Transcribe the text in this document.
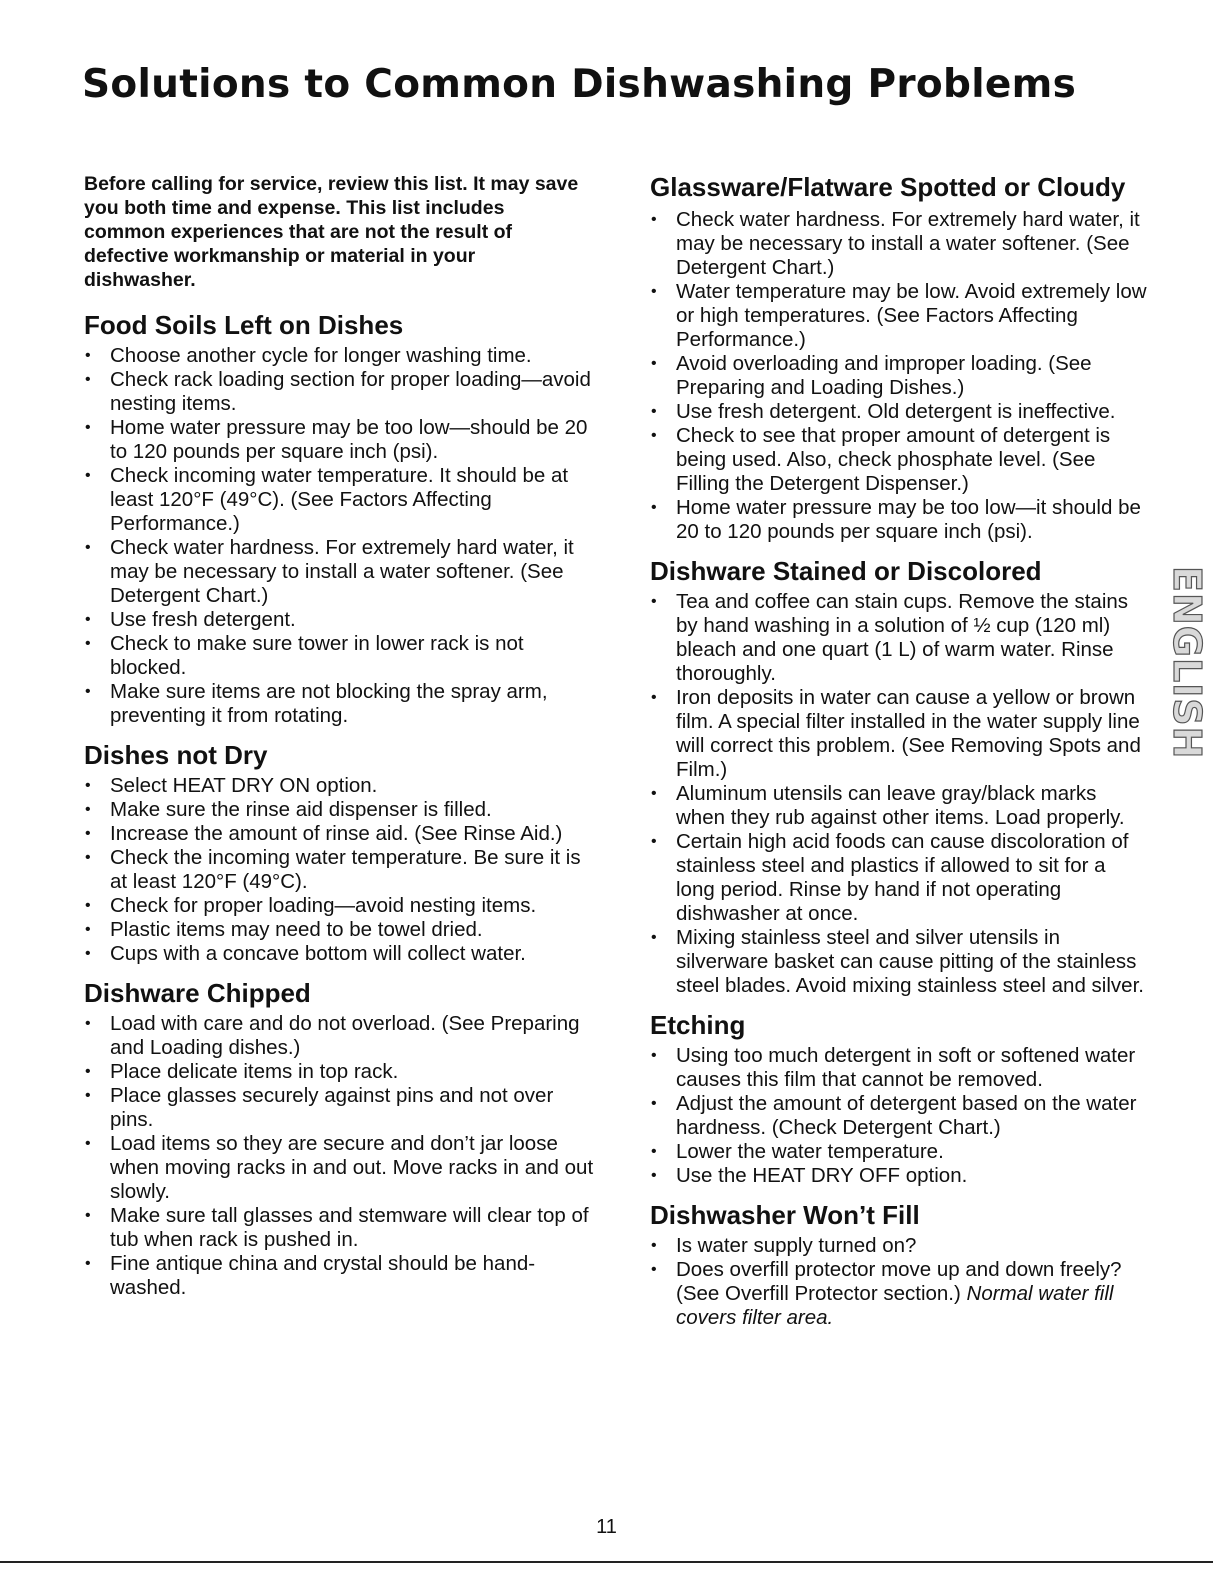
Solutions to Common Dishwashing Problems

Before calling for service, review this list. It may save you both time and expense. This list includes common experiences that are not the result of defective workmanship or material in your dishwasher.

Food Soils Left on Dishes
• Choose another cycle for longer washing time.
• Check rack loading section for proper loading—avoid nesting items.
• Home water pressure may be too low—should be 20 to 120 pounds per square inch (psi).
• Check incoming water temperature. It should be at least 120°F (49°C). (See Factors Affecting Performance.)
• Check water hardness. For extremely hard water, it may be necessary to install a water softener. (See Detergent Chart.)
• Use fresh detergent.
• Check to make sure tower in lower rack is not blocked.
• Make sure items are not blocking the spray arm, preventing it from rotating.
Dishes not Dry
• Select HEAT DRY ON option.
• Make sure the rinse aid dispenser is filled.
• Increase the amount of rinse aid. (See Rinse Aid.)
• Check the incoming water temperature. Be sure it is at least 120°F (49°C).
• Check for proper loading—avoid nesting items.
• Plastic items may need to be towel dried.
• Cups with a concave bottom will collect water.
Dishware Chipped
• Load with care and do not overload. (See Preparing and Loading dishes.)
• Place delicate items in top rack.
• Place glasses securely against pins and not over pins.
• Load items so they are secure and don’t jar loose when moving racks in and out. Move racks in and out slowly.
• Make sure tall glasses and stemware will clear top of tub when rack is pushed in.
• Fine antique china and crystal should be hand-washed.
Glassware/Flatware Spotted or Cloudy
• Check water hardness. For extremely hard water, it may be necessary to install a water softener. (See Detergent Chart.)
• Water temperature may be low. Avoid extremely low or high temperatures. (See Factors Affecting Performance.)
• Avoid overloading and improper loading. (See Preparing and Loading Dishes.)
• Use fresh detergent. Old detergent is ineffective.
• Check to see that proper amount of detergent is being used. Also, check phosphate level. (See Filling the Detergent Dispenser.)
• Home water pressure may be too low—it should be 20 to 120 pounds per square inch (psi).
Dishware Stained or Discolored
• Tea and coffee can stain cups. Remove the stains by hand washing in a solution of ½ cup (120 ml) bleach and one quart (1 L) of warm water. Rinse thoroughly.
• Iron deposits in water can cause a yellow or brown film. A special filter installed in the water supply line will correct this problem. (See Removing Spots and Film.)
• Aluminum utensils can leave gray/black marks when they rub against other items. Load properly.
• Certain high acid foods can cause discoloration of stainless steel and plastics if allowed to sit for a long period. Rinse by hand if not operating dishwasher at once.
• Mixing stainless steel and silver utensils in silverware basket can cause pitting of the stainless steel blades. Avoid mixing stainless steel and silver.
Etching
• Using too much detergent in soft or softened water causes this film that cannot be removed.
• Adjust the amount of detergent based on the water hardness. (Check Detergent Chart.)
• Lower the water temperature.
• Use the HEAT DRY OFF option.
Dishwasher Won’t Fill
• Is water supply turned on?
• Does overfill protector move up and down freely? (See Overfill Protector section.) Normal water fill covers filter area.
ENGLISH
11
